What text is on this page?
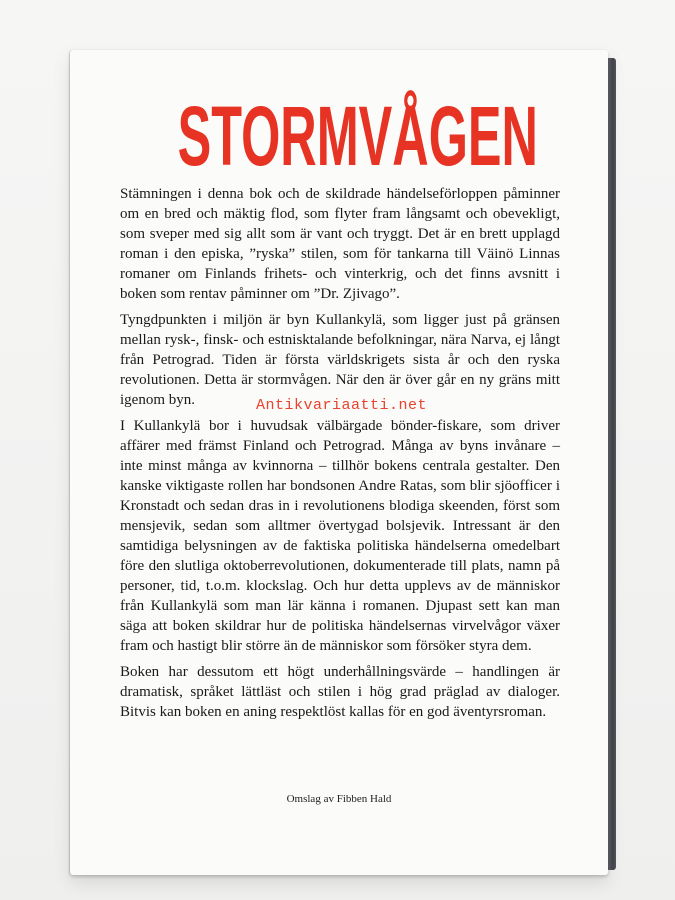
STORMVÅGEN

Stämningen i denna bok och de skildrade händelseförloppen påminner om en bred och mäktig flod, som flyter fram långsamt och obevekligt, som sveper med sig allt som är vant och tryggt. Det är en brett upplagd roman i den episka, ”ryska” stilen, som för tankarna till Väinö Linnas romaner om Finlands frihets- och vinterkrig, och det finns avsnitt i boken som rentav påminner om ”Dr. Zjivago”.

Tyngdpunkten i miljön är byn Kullankylä, som ligger just på gränsen mellan rysk-, finsk- och estnisktalande befolkningar, nära Narva, ej långt från Petrograd. Tiden är första världskrigets sista år och den ryska revolutionen. Detta är stormvågen. När den är över går en ny gräns mitt igenom byn.

I Kullankylä bor i huvudsak välbärgade bönder-fiskare, som driver affärer med främst Finland och Petrograd. Många av byns invånare – inte minst många av kvinnorna – tillhör bokens centrala gestalter. Den kanske viktigaste rollen har bondsonen Andre Ratas, som blir sjöofficer i Kronstadt och sedan dras in i revolutionens blodiga skeenden, först som mensjevik, sedan som alltmer övertygad bolsjevik. Intressant är den samtidiga belysningen av de faktiska politiska händelserna omedelbart före den slutliga oktoberrevolutionen, dokumenterade till plats, namn på personer, tid, t.o.m. klockslag. Och hur detta upplevs av de människor från Kullankylä som man lär känna i romanen. Djupast sett kan man säga att boken skildrar hur de politiska händelsernas virvelvågor växer fram och hastigt blir större än de människor som försöker styra dem.

Boken har dessutom ett högt underhållningsvärde – handlingen är dramatisk, språket lättläst och stilen i hög grad präglad av dialoger. Bitvis kan boken en aning respektlöst kallas för en god äventyrsroman.

Antikvariaatti.net
Omslag av Fibben Hald
